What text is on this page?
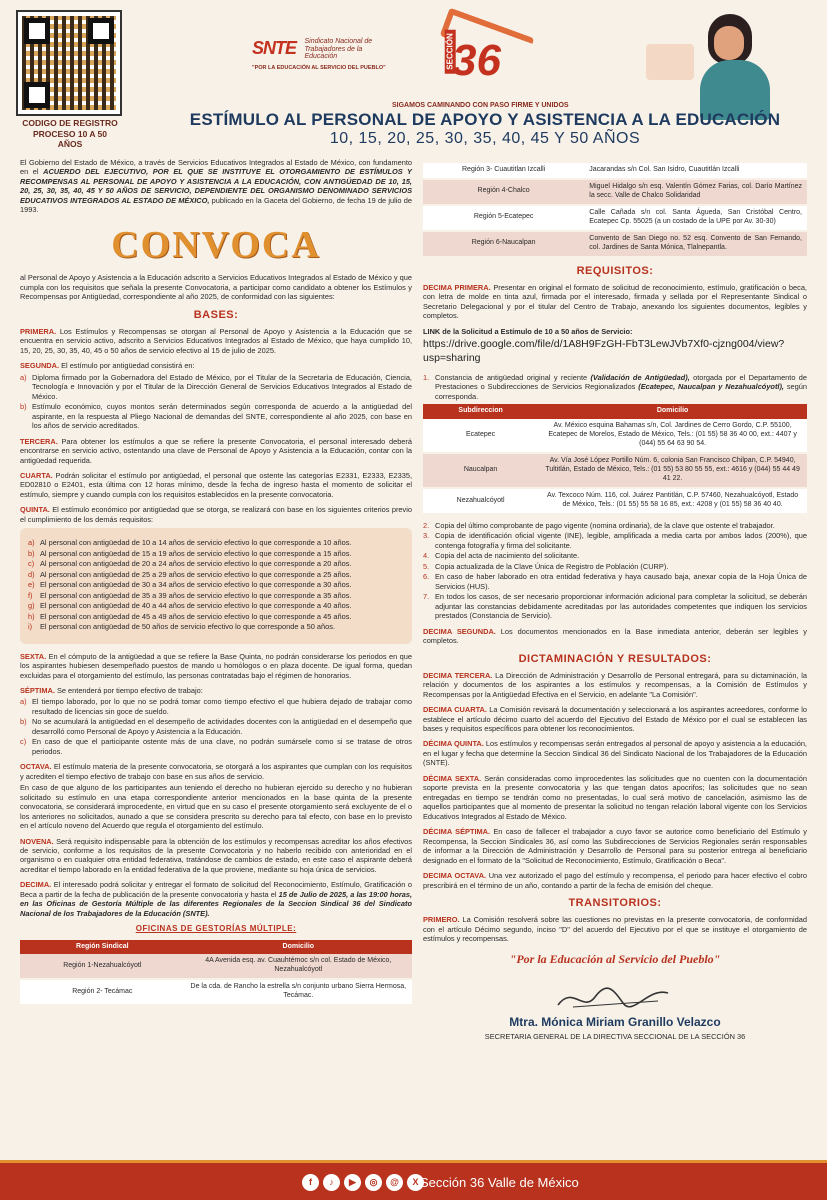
CODIGO DE REGISTRO PROCESO 10 A 50 AÑOS
SNTE Sindicato Nacional de Trabajadores de la Educación
"POR LA EDUCACIÓN AL SERVICIO DEL PUEBLO"	SECCIÓN
36
SIGAMOS CAMINANDO CON PASO FIRME Y UNIDOS
ESTÍMULO AL PERSONAL DE APOYO Y ASISTENCIA A LA EDUCACIÓN
10, 15, 20, 25, 30, 35, 40, 45 Y 50 AÑOS

El Gobierno del Estado de México, a través de Servicios Educativos Integrados al Estado de México, con fundamento en el ACUERDO DEL EJECUTIVO, POR EL QUE SE INSTITUYE EL OTORGAMIENTO DE ESTÍMULOS Y RECOMPENSAS AL PERSONAL DE APOYO Y ASISTENCIA A LA EDUCACIÓN, CON ANTIGÜEDAD DE 10, 15, 20, 25, 30, 35, 40, 45 Y 50 AÑOS DE SERVICIO, DEPENDIENTE DEL ORGANISMO DENOMINADO SERVICIOS EDUCATIVOS INTEGRADOS AL ESTADO DE MÉXICO, publicado en la Gaceta del Gobierno, de fecha 19 de julio de 1993.

CONVOCA

al Personal de Apoyo y Asistencia a la Educación adscrito a Servicios Educativos Integrados al Estado de México y que cumpla con los requisitos que señala la presente Convocatoria, a participar como candidato a obtener los Estímulos y Recompensas por Antigüedad, correspondiente al año 2025, de conformidad con las siguientes:

BASES:

PRIMERA. Los Estímulos y Recompensas se otorgan al Personal de Apoyo y Asistencia a la Educación que se encuentra en servicio activo, adscrito a Servicios Educativos Integrados al Estado de México, que haya cumplido 10, 15, 20, 25, 30, 35, 40, 45 o 50 años de servicio efectivo al 15 de julio de 2025.

SEGUNDA. El estímulo por antigüedad consistirá en:

a) Diploma firmado por la Gobernadora del Estado de México, por el Titular de la Secretaría de Educación, Ciencia, Tecnología e Innovación y por el Titular de la Dirección General de Servicios Educativos Integrados al Estado de México.
b) Estímulo económico, cuyos montos serán determinados según corresponda de acuerdo a la antigüedad del aspirante, en la respuesta al Pliego Nacional de demandas del SNTE, correspondiente al año 2025, con base en los años de servicio acreditados.

TERCERA. Para obtener los estímulos a que se refiere la presente Convocatoria, el personal interesado deberá encontrarse en servicio activo, ostentando una clave de Personal de Apoyo y Asistencia a la Educación, contar con la antigüedad requerida.

CUARTA. Podrán solicitar el estímulo por antigüedad, el personal que ostente las categorías E2331, E2333, E2335, ED02810 o E2401, esta última con 12 horas mínimo, desde la fecha de ingreso hasta el momento de solicitar el estímulo, siempre y cuando cumpla con los requisitos establecidos en la presente convocatoria.

QUINTA. El estímulo económico por antigüedad que se otorga, se realizará con base en los siguientes criterios previo el cumplimiento de los demás requisitos:

a) Al personal con antigüedad de 10 a 14 años de servicio efectivo lo que corresponde a 10 años.
b) Al personal con antigüedad de 15 a 19 años de servicio efectivo lo que corresponde a 15 años.
c) Al personal con antigüedad de 20 a 24 años de servicio efectivo lo que corresponde a 20 años.
d) Al personal con antigüedad de 25 a 29 años de servicio efectivo lo que corresponde a 25 años.
e) El personal con antigüedad de 30 a 34 años de servicio efectivo lo que corresponde a 30 años.
f) El personal con antigüedad de 35 a 39 años de servicio efectivo lo que corresponde a 35 años.
g) El personal con antigüedad de 40 a 44 años de servicio efectivo lo que corresponde a 40 años.
h) El personal con antigüedad de 45 a 49 años de servicio efectivo lo que corresponde a 45 años.
i) El personal con antigüedad de 50 años de servicio efectivo lo que corresponde a 50 años.

SEXTA. En el cómputo de la antigüedad a que se refiere la Base Quinta, no podrán considerarse los periodos en que los aspirantes hubiesen desempeñado puestos de mando u homólogos o en plaza docente. De igual forma, quedan excluidas para el otorgamiento del estímulo, las personas contratadas bajo el régimen de honorarios.

SÉPTIMA. Se entenderá por tiempo efectivo de trabajo:

a) El tiempo laborado, por lo que no se podrá tomar como tiempo efectivo el que hubiera dejado de trabajar como resultado de licencias sin goce de sueldo.
b) No se acumulará la antigüedad en el desempeño de actividades docentes con la antigüedad en el desempeño que desarrolló como Personal de Apoyo y Asistencia a la Educación.
c) En caso de que el participante ostente más de una clave, no podrán sumársele como si se tratase de otros periodos.

OCTAVA. El estímulo materia de la presente convocatoria, se otorgará a los aspirantes que cumplan con los requisitos y acrediten el tiempo efectivo de trabajo con base en sus años de servicio.

En caso de que alguno de los participantes aun teniendo el derecho no hubieran ejercido su derecho y no hubieran solicitado su estímulo en una etapa correspondiente anterior mencionados en la base quinta de la presente convocatoria, se considerará improcedente, en virtud que en su caso el presente otorgamiento será excluyente de el o los anteriores no solicitados, aunado a que se considera prescrito su derecho para tal efecto, con base en lo previsto en el artículo noveno del Acuerdo que regula el otorgamiento del estímulo.

NOVENA. Será requisito indispensable para la obtención de los estímulos y recompensas acreditar los años efectivos de servicio, conforme a los requisitos de la presente Convocatoria y no haberlo recibido con anterioridad en el organismo o en cualquier otra entidad federativa, tratándose de cambios de estado, en este caso el aspirante deberá acreditar el tiempo laborado en la entidad federativa de la que proviene, mediante su hoja única de servicios.

DECIMA. El interesado podrá solicitar y entregar el formato de solicitud del Reconocimiento, Estímulo, Gratificación o Beca a partir de la fecha de publicación de la presente convocatoria y hasta el 15 de Julio de 2025, a las 19:00 horas, en las Oficinas de Gestoría Múltiple de las diferentes Regionales de la Seccion Sindical 36 del Sindicato Nacional de los Trabajadores de la Educación (SNTE).

OFICINAS DE GESTORÍAS MÚLTIPLE:
Región Sindical	Domicilio
Región 1-Nezahualcóyotl	4A Avenida esq. av. Cuauhtémoc s/n col. Estado de México, Nezahualcóyotl
Región 2- Tecámac	De la cda. de Rancho la estrella s/n conjunto urbano Sierra Hermosa, Tecámac.
Región 3- Cuautitlan Izcalli	Jacarandas s/n Col. San Isidro, Cuautitlán Izcalli
Región 4-Chalco	Miguel Hidalgo s/n esq. Valentín Gómez Farias, col. Darío Martínez la secc. Valle de Chalco Solidaridad
Región 5-Ecatepec	Calle Cañada s/n col. Santa Águeda, San Cristóbal Centro, Ecatepec Cp. 55025 (a un costado de la UPE por Av. 30-30)
Región 6-Naucalpan	Convento de San Diego no. 52 esq. Convento de San Fernando, col. Jardines de Santa Mónica, Tlalnepantla.
REQUISITOS:

DECIMA PRIMERA. Presentar en original el formato de solicitud de reconocimiento, estímulo, gratificación o beca, con letra de molde en tinta azul, firmada por el interesado, firmada y sellada por el Representante Sindical o Secretario Delegacional y por el titular del Centro de Trabajo, anexando los siguientes documentos, legibles y completos.

LINK de la Solicitud a Estímulo de 10 a 50 años de Servicio:

https://drive.google.com/file/d/1A8H9FzGH-FbT3LewJVb7Xf0-cjzng004/view?usp=sharing
1. Constancia de antigüedad original y reciente (Validación de Antigüedad), otorgada por el Departamento de Prestaciones o Subdirecciones de Servicios Regionalizados (Ecatepec, Naucalpan y Nezahualcóyotl), según corresponda.
Subdireccion	Domicilio
Ecatepec	Av. México esquina Bahamas s/n, Col. Jardines de Cerro Gordo, C.P. 55100, Ecatepec de Morelos, Estado de México, Tels.: (01 55) 58 36 40 00, ext.: 4407 y (044) 55 64 63 90 54.
Naucalpan	Av. Vía José López Portillo Núm. 6, colonia San Francisco Chilpan, C.P. 54940, Tultitlán, Estado de México, Tels.: (01 55) 53 80 55 55, ext.: 4616 y (044) 55 44 49 41 22.
Nezahualcóyotl	Av. Texcoco Núm. 116, col. Juárez Pantitlán, C.P. 57460, Nezahualcóyotl, Estado de México, Tels.: (01 55) 55 58 16 85, ext.: 4208 y (01 55) 58 36 40 40.
2. Copia del último comprobante de pago vigente (nomina ordinaria), de la clave que ostente el trabajador.
3. Copia de identificación oficial vigente (INE), legible, amplificada a media carta por ambos lados (200%), que contenga fotografía y firma del solicitante.
4. Copia del acta de nacimiento del solicitante.
5. Copia actualizada de la Clave Única de Registro de Población (CURP).
6. En caso de haber laborado en otra entidad federativa y haya causado baja, anexar copia de la Hoja Única de Servicios (HUS).
7. En todos los casos, de ser necesario proporcionar información adicional para completar la solicitud, se deberán adjuntar las constancias debidamente acreditadas por las autoridades competentes que indiquen los servicios prestados (Constancia de Servicio).

DECIMA SEGUNDA. Los documentos mencionados en la Base inmediata anterior, deberán ser legibles y completos.

DICTAMINACIÓN Y RESULTADOS:

DECIMA TERCERA. La Dirección de Administración y Desarrollo de Personal entregará, para su dictaminación, la relación y documentos de los aspirantes a los estímulos y recompensas, a la Comisión de Estímulos y Recompensas por la Antigüedad Efectiva en el Servicio, en adelante "La Comisión".

DECIMA CUARTA. La Comisión revisará la documentación y seleccionará a los aspirantes acreedores, conforme lo establece el artículo décimo cuarto del acuerdo del Ejecutivo del Estado de México por el cual se establecen las bases y requisitos específicos para obtener los reconocimientos.

DÉCIMA QUINTA. Los estímulos y recompensas serán entregados al personal de apoyo y asistencia a la educación, en el lugar y fecha que determine la Seccion Sindical 36 del Sindicato Nacional de los Trabajadores de la Educación (SNTE).

DÉCIMA SEXTA. Serán consideradas como improcedentes las solicitudes que no cuenten con la documentación soporte prevista en la presente convocatoria y las que tengan datos apocrifos; las solicitudes que no sean entregadas en tiempo se tendrán como no presentadas, lo cual será motivo de cancelación, asimismo las de aquellos participantes que al momento de presentar la solicitud no tengan relación laboral vigente con los Servicios Educativos Integrados al Estado de México.

DÉCIMA SÉPTIMA. En caso de fallecer el trabajador a cuyo favor se autorice como beneficiario del Estímulo y Recompensa, la Seccion Sindicales 36, así como las Subdirecciones de Servicios Regionales serán responsables de informar a la Dirección de Administración y Desarrollo de Personal para su posterior entrega al beneficiario designado en el formato de la "Solicitud de Reconocimiento, Estímulo, Gratificación o Beca".

DECIMA OCTAVA. Una vez autorizado el pago del estímulo y recompensa, el periodo para hacer efectivo el cobro prescribirá en el término de un año, contando a partir de la fecha de emisión del cheque.

TRANSITORIOS:

PRIMERO. La Comisión resolverá sobre las cuestiones no previstas en la presente convocatoria, de conformidad con el artículo Décimo segundo, inciso "D" del acuerdo del Ejecutivo por el que se instituye el otorgamiento de estímulos y recompensas.

"Por la Educación al Servicio del Pueblo"
Mtra. Mónica Miriam Granillo Velazco
SECRETARIA GENERAL DE LA DIRECTIVA SECCIONAL DE LA SECCIÓN 36
f	♪	▶	◎	@	X Sección 36 Valle de México
